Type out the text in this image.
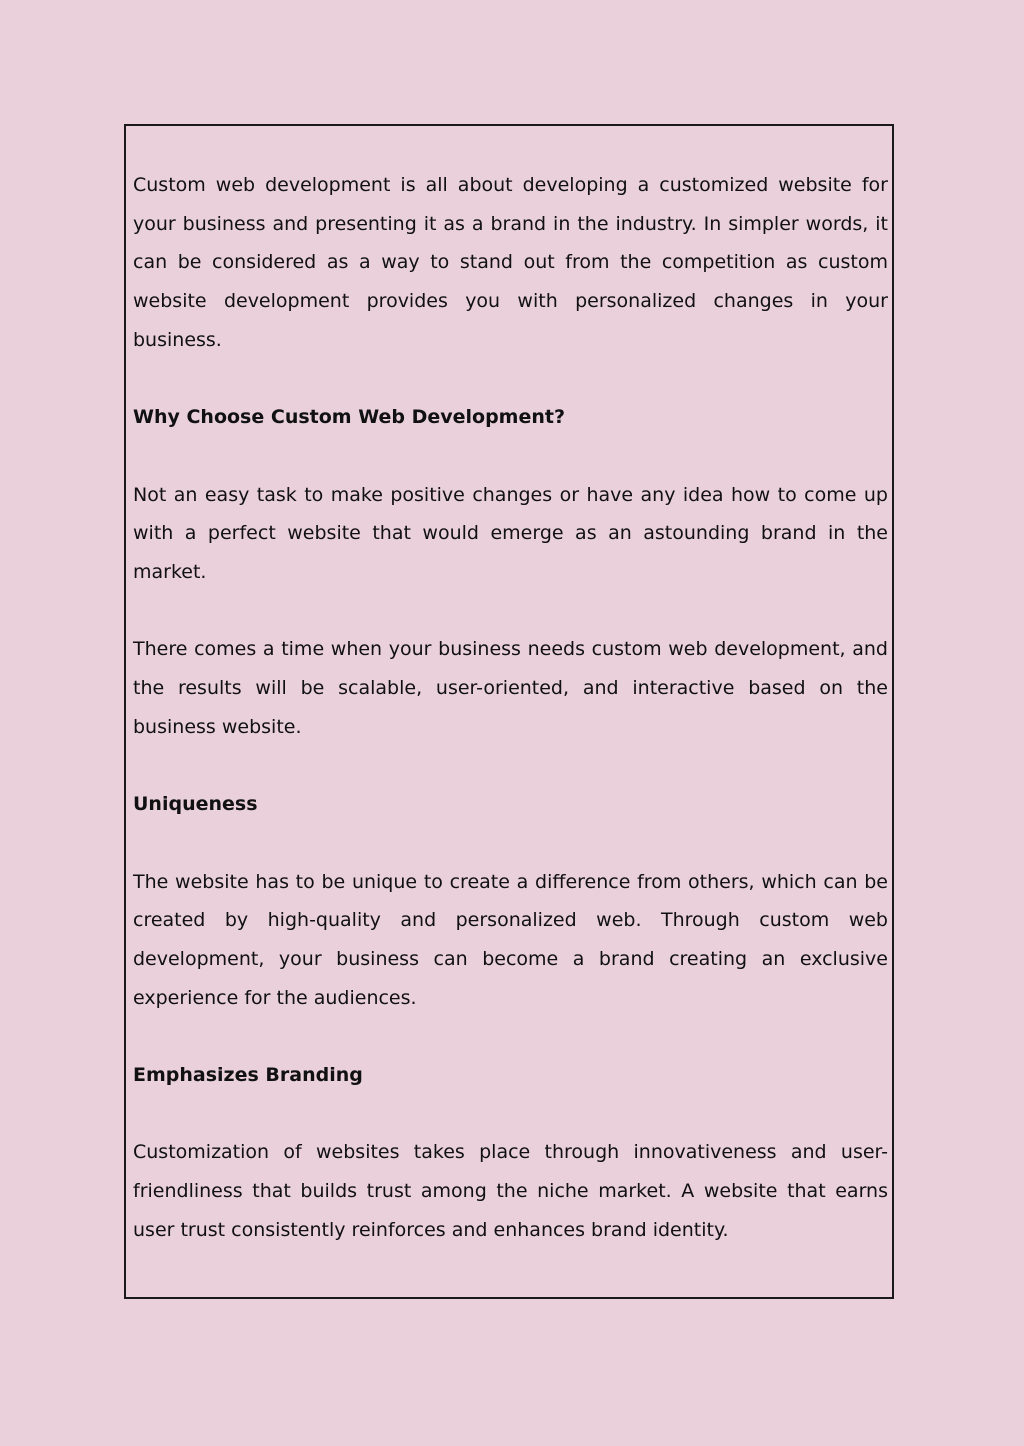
Custom web development is all about developing a customized website for your business and presenting it as a brand in the industry. In simpler words, it can be considered as a way to stand out from the competition as custom website development provides you with personalized changes in your business.

Why Choose Custom Web Development?

Not an easy task to make positive changes or have any idea how to come up with a perfect website that would emerge as an astounding brand in the market.

There comes a time when your business needs custom web development, and the results will be scalable, user-oriented, and interactive based on the business website.

Uniqueness

The website has to be unique to create a difference from others, which can be created by high-quality and personalized web. Through custom web development, your business can become a brand creating an exclusive experience for the audiences.

Emphasizes Branding

Customization of websites takes place through innovativeness and user-friendliness that builds trust among the niche market. A website that earns user trust consistently reinforces and enhances brand identity.
